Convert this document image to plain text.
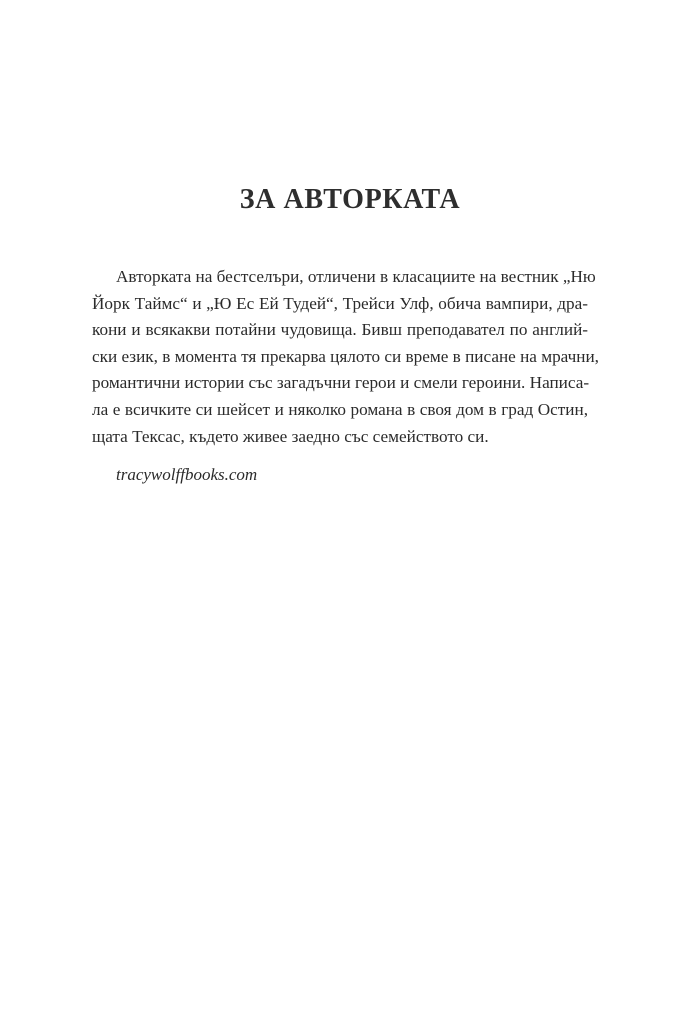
ЗА АВТОРКАТА
Авторката на бестселъри, отличени в класациите на вестник „Ню
Йорк Таймс“ и „Ю Ес Ей Тудей“, Трейси Улф, обича вампири, дра-
кони и всякакви потайни чудовища. Бивш преподавател по англий-
ски език, в момента тя прекарва цялото си време в писане на мрачни,
романтични истории със загадъчни герои и смели героини. Написа-
ла е всичките си шейсет и няколко романа в своя дом в град Остин,
щата Тексас, където живее заедно със семейството си.
tracywolffbooks.com
